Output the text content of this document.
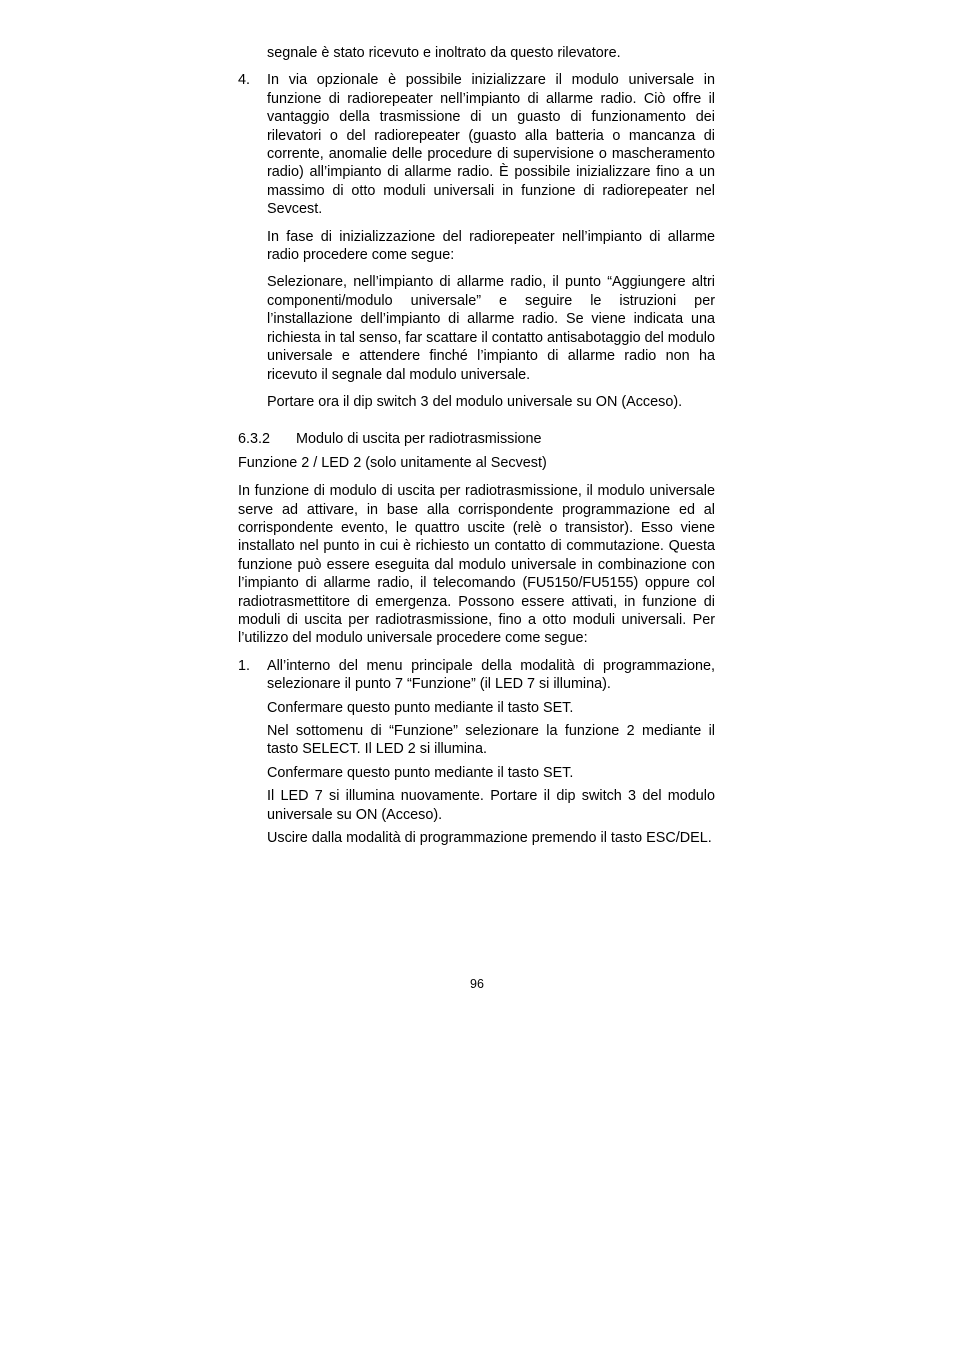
segnale è stato ricevuto e inoltrato da questo rilevatore.

4. In via opzionale è possibile inizializzare il modulo universale in funzione di radiorepeater nell’impianto di allarme radio. Ciò offre il vantaggio della trasmissione di un guasto di funzionamento dei rilevatori o del radiorepeater (guasto alla batteria o mancanza di corrente, anomalie delle procedure di supervisione o mascheramento radio) all’impianto di allarme radio. È possibile inizializzare fino a un massimo di otto moduli universali in funzione di radiorepeater nel Sevcest.

In fase di inizializzazione del radiorepeater nell’impianto di allarme radio procedere come segue:

Selezionare, nell’impianto di allarme radio, il punto “Aggiungere altri componenti/modulo universale” e seguire le istruzioni per l’installazione dell’impianto di allarme radio. Se viene indicata una richiesta in tal senso, far scattare il contatto antisabotaggio del modulo universale e attendere finché l’impianto di allarme radio non ha ricevuto il segnale dal modulo universale.

Portare ora il dip switch 3 del modulo universale su ON (Acceso).

6.3.2 Modulo di uscita per radiotrasmissione

Funzione 2 / LED 2 (solo unitamente al Secvest)

In funzione di modulo di uscita per radiotrasmissione, il modulo universale serve ad attivare, in base alla corrispondente programmazione ed al corrispondente evento, le quattro uscite (relè o transistor). Esso viene installato nel punto in cui è richiesto un contatto di commutazione. Questa funzione può essere eseguita dal modulo universale in combinazione con l’impianto di allarme radio, il telecomando (FU5150/FU5155) oppure col radiotrasmettitore di emergenza. Possono essere attivati, in funzione di moduli di uscita per radiotrasmissione, fino a otto moduli universali. Per l’utilizzo del modulo universale procedere come segue:

1. All’interno del menu principale della modalità di programmazione, selezionare il punto 7 “Funzione” (il LED 7 si illumina).

Confermare questo punto mediante il tasto SET.

Nel sottomenu di “Funzione” selezionare la funzione 2 mediante il tasto SELECT. Il LED 2 si illumina.

Confermare questo punto mediante il tasto SET.

Il LED 7 si illumina nuovamente. Portare il dip switch 3 del modulo universale su ON (Acceso).

Uscire dalla modalità di programmazione premendo il tasto ESC/DEL.

96
